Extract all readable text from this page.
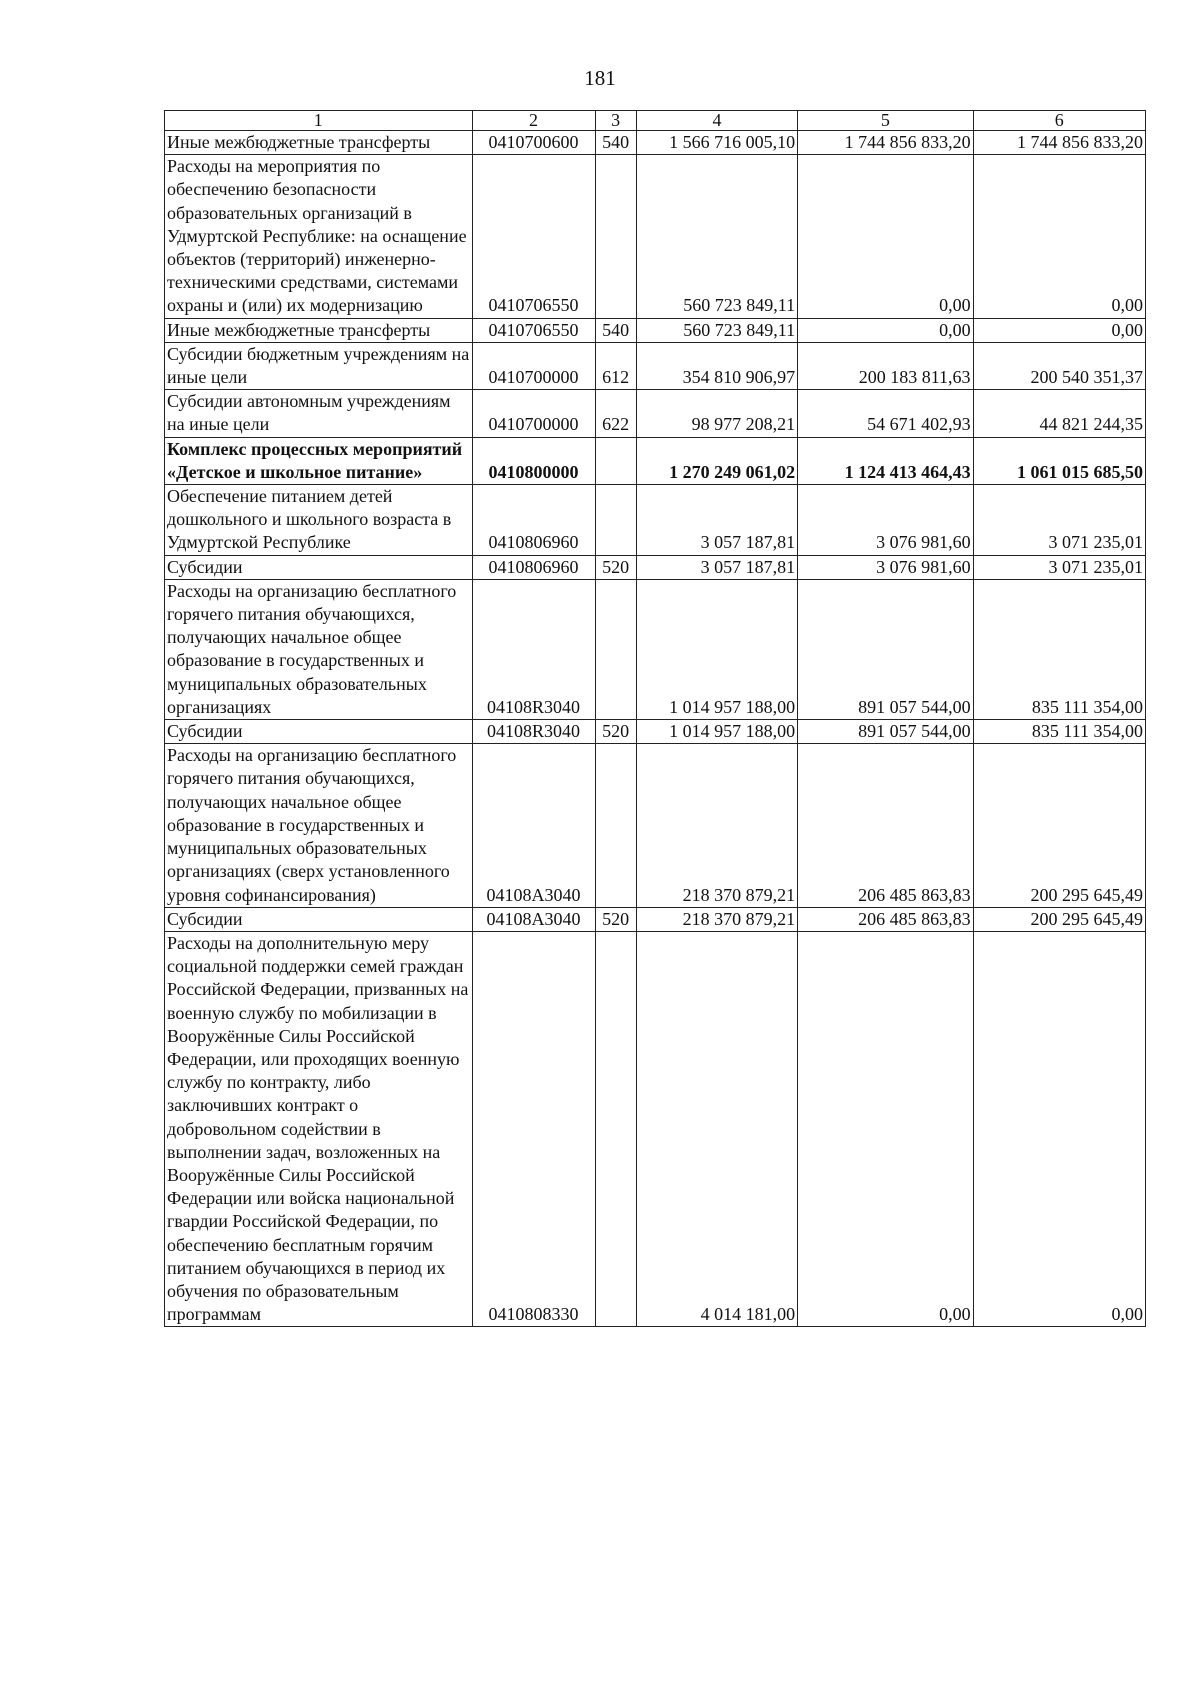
181
1	2	3	4	5	6
Иные межбюджетные трансферты	0410700600	540	1 566 716 005,10	1 744 856 833,20	1 744 856 833,20
Расходы на мероприятия по обеспечению безопасности образовательных организаций в Удмуртской Республике: на оснащение объектов (территорий) инженерно-техническими средствами, системами охраны и (или) их модернизацию	0410706550		560 723 849,11	0,00	0,00
Иные межбюджетные трансферты	0410706550	540	560 723 849,11	0,00	0,00
Субсидии бюджетным учреждениям на иные цели	0410700000	612	354 810 906,97	200 183 811,63	200 540 351,37
Субсидии автономным учреждениям на иные цели	0410700000	622	98 977 208,21	54 671 402,93	44 821 244,35
Комплекс процессных мероприятий «Детское и школьное питание»	0410800000		1 270 249 061,02	1 124 413 464,43	1 061 015 685,50
Обеспечение питанием детей дошкольного и школьного возраста в Удмуртской Республике	0410806960		3 057 187,81	3 076 981,60	3 071 235,01
Субсидии	0410806960	520	3 057 187,81	3 076 981,60	3 071 235,01
Расходы на организацию бесплатного горячего питания обучающихся, получающих начальное общее образование в государственных и муниципальных образовательных организациях	04108R3040		1 014 957 188,00	891 057 544,00	835 111 354,00
Субсидии	04108R3040	520	1 014 957 188,00	891 057 544,00	835 111 354,00
Расходы на организацию бесплатного горячего питания обучающихся, получающих начальное общее образование в государственных и муниципальных образовательных организациях (сверх установленного уровня софинансирования)	04108A3040		218 370 879,21	206 485 863,83	200 295 645,49
Субсидии	04108A3040	520	218 370 879,21	206 485 863,83	200 295 645,49
Расходы на дополнительную меру социальной поддержки семей граждан Российской Федерации, призванных на военную службу по мобилизации в Вооружённые Силы Российской Федерации, или проходящих военную службу по контракту, либо заключивших контракт о добровольном содействии в выполнении задач, возложенных на Вооружённые Силы Российской Федерации или войска национальной гвардии Российской Федерации, по обеспечению бесплатным горячим питанием обучающихся в период их обучения по образовательным программам	0410808330		4 014 181,00	0,00	0,00
